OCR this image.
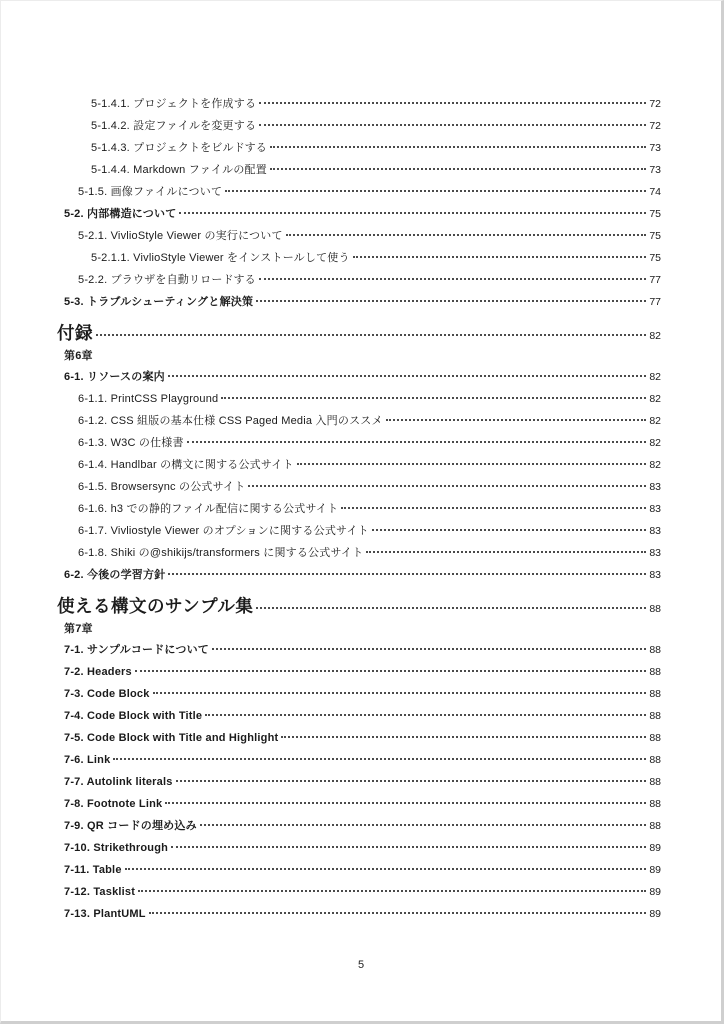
5-1.4.1. プロジェクトを作成する	72
5-1.4.2. 設定ファイルを変更する	72
5-1.4.3. プロジェクトをビルドする	73
5-1.4.4. Markdown ファイルの配置	73
5-1.5. 画像ファイルについて	74
5-2. 内部構造について	75
5-2.1. VivlioStyle Viewer の実行について	75
5-2.1.1. VivlioStyle Viewer をインストールして使う	75
5-2.2. ブラウザを自動リロードする	77
5-3. トラブルシューティングと解決策	77
付録	82
第6章
6-1. リソースの案内	82
6-1.1. PrintCSS Playground	82
6-1.2. CSS 組版の基本仕様 CSS Paged Media 入門のススメ	82
6-1.3. W3C の仕様書	82
6-1.4. Handlbar の構文に関する公式サイト	82
6-1.5. Browsersync の公式サイト	83
6-1.6. h3 での静的ファイル配信に関する公式サイト	83
6-1.7. Vivliostyle Viewer のオプションに関する公式サイト	83
6-1.8. Shiki の@shikijs/transformers に関する公式サイト	83
6-2. 今後の学習方針	83
使える構文のサンプル集	88
第7章
7-1. サンプルコードについて	88
7-2. Headers	88
7-3. Code Block	88
7-4. Code Block with Title	88
7-5. Code Block with Title and Highlight	88
7-6. Link	88
7-7. Autolink literals	88
7-8. Footnote Link	88
7-9. QR コードの埋め込み	88
7-10. Strikethrough	89
7-11. Table	89
7-12. Tasklist	89
7-13. PlantUML	89
5
